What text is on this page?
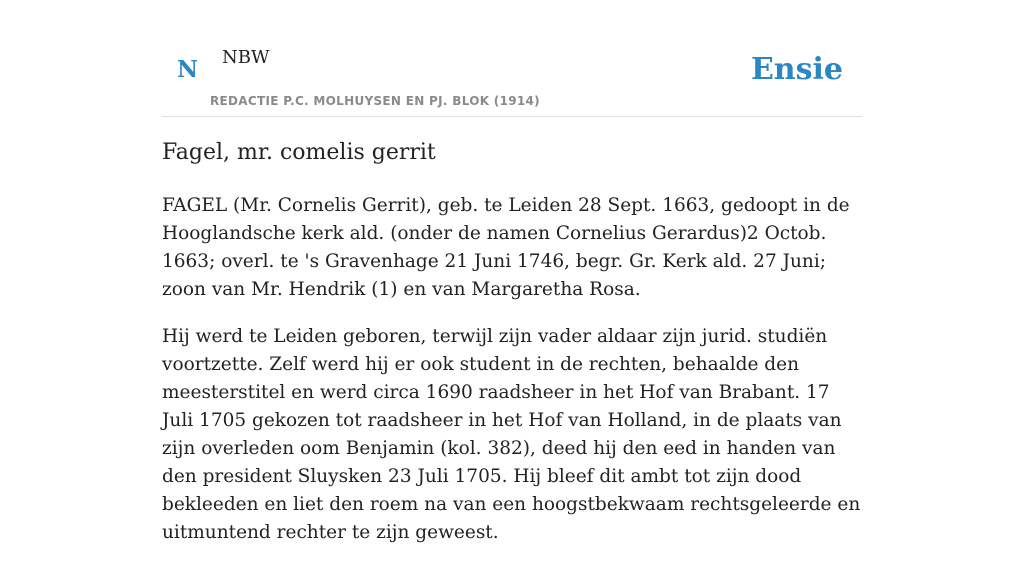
N NBW
REDACTIE P.C. MOLHUYSEN EN PJ. BLOK (1914)
Ensie
Fagel, mr. comelis gerrit

FAGEL (Mr. Cornelis Gerrit), geb. te Leiden 28 Sept. 1663, gedoopt in de Hooglandsche kerk ald. (onder de namen Cornelius Gerardus)2 Octob. 1663; overl. te 's Gravenhage 21 Juni 1746, begr. Gr. Kerk ald. 27 Juni; zoon van Mr. Hendrik (1) en van Margaretha Rosa.

Hij werd te Leiden geboren, terwijl zijn vader aldaar zijn jurid. studiën voortzette. Zelf werd hij er ook student in de rechten, behaalde den meesterstitel en werd circa 1690 raadsheer in het Hof van Brabant. 17 Juli 1705 gekozen tot raadsheer in het Hof van Holland, in de plaats van zijn overleden oom Benjamin (kol. 382), deed hij den eed in handen van den president Sluysken 23 Juli 1705. Hij bleef dit ambt tot zijn dood bekleeden en liet den roem na van een hoogstbekwaam rechtsgeleerde en uitmuntend rechter te zijn geweest.
